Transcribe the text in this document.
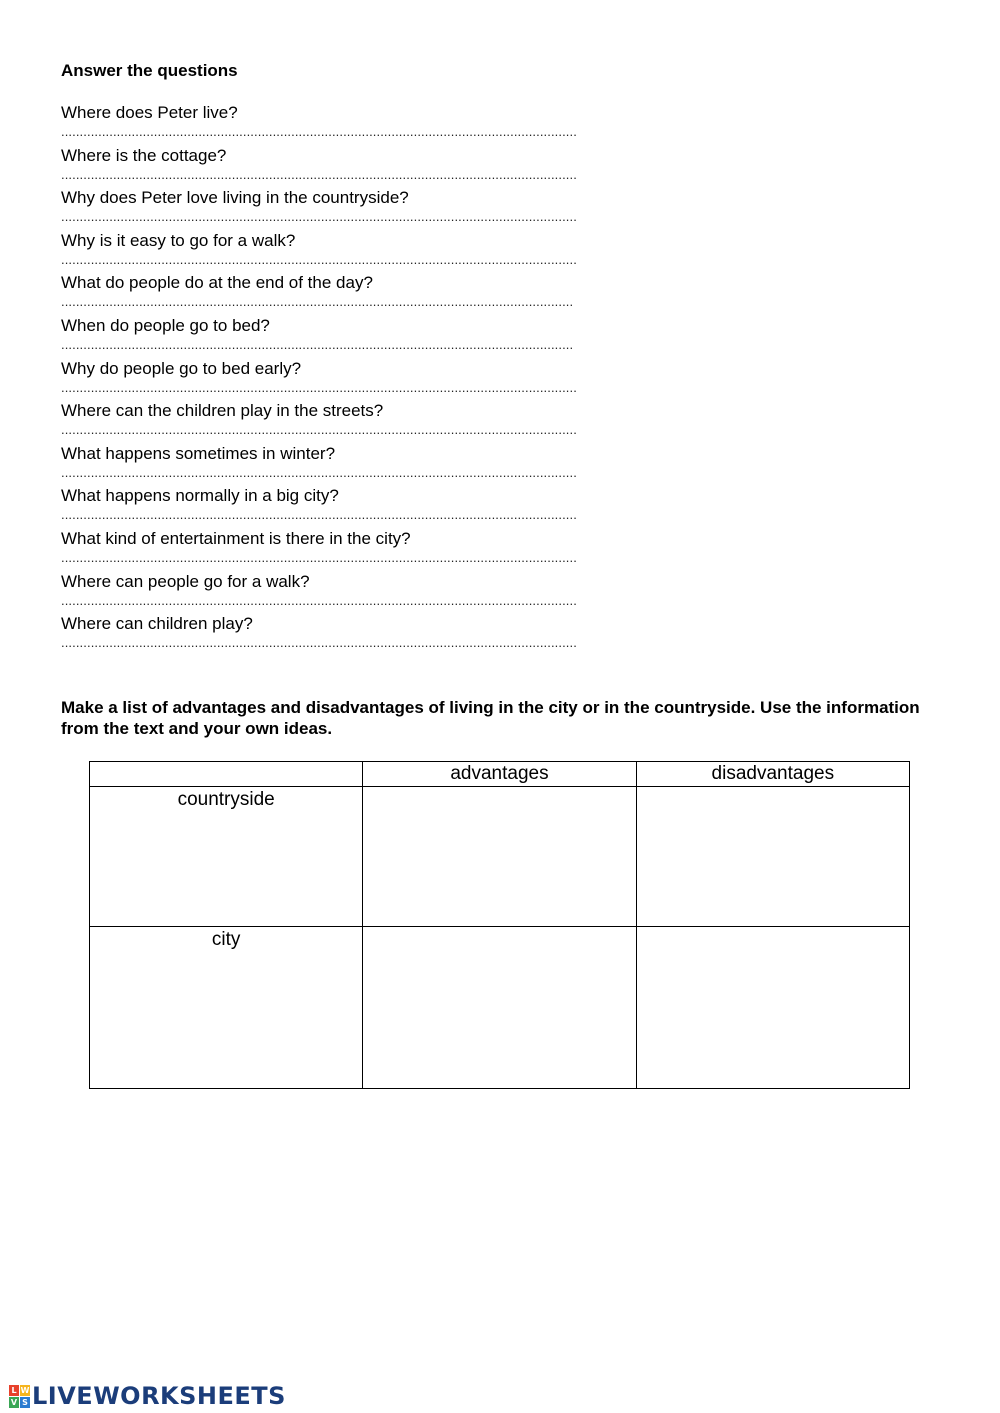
Answer the questions
Where does Peter live?
...........................................................................................................................................
Where is the cottage?
...........................................................................................................................................
Why does Peter love living in the countryside?
...........................................................................................................................................
Why is it easy to go for a walk?
...........................................................................................................................................
What do people do at the end of the day?
..........................................................................................................................................
When do people go to bed?
..........................................................................................................................................
Why do people go to bed early?
...........................................................................................................................................
Where can the children play in the streets?
...........................................................................................................................................
What happens sometimes in winter?
...........................................................................................................................................
What happens normally in a big city?
...........................................................................................................................................
What kind of entertainment is there in the city?
...........................................................................................................................................
Where can people go for a walk?
...........................................................................................................................................
Where can children play?
...........................................................................................................................................

Make a list of advantages and disadvantages of living in the city or in the countryside. Use the information from the text and your own ideas.

	advantages	disadvantages
countryside		
city		
L W
V S LIVEWORKSHEETS
